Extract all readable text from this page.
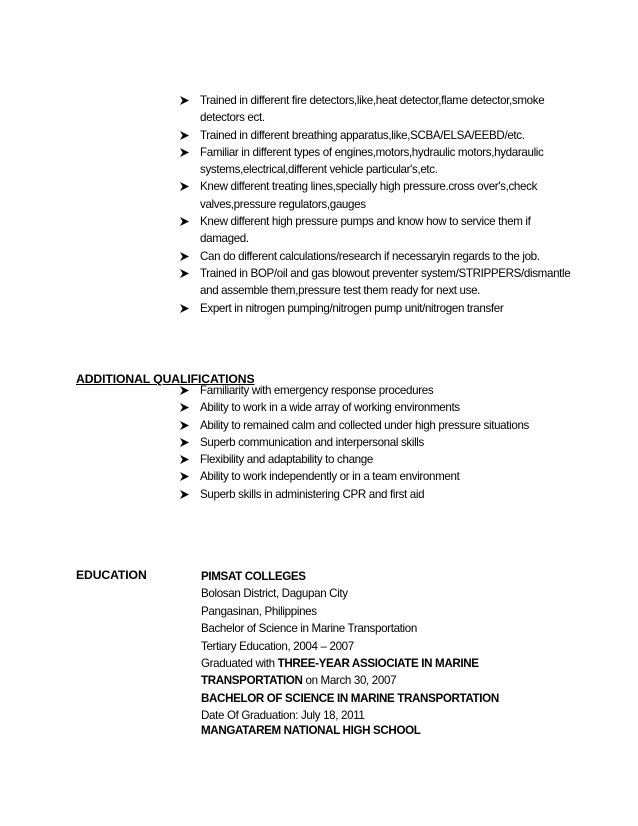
Trained in different fire detectors,like,heat detector,flame detector,smoke detectors ect.
Trained in different breathing apparatus,like,SCBA/ELSA/EEBD/etc.
Familiar in different types of engines,motors,hydraulic motors,hydaraulic systems,electrical,different vehicle particular's,etc.
Knew different treating lines,specially high pressure.cross over's,check valves,pressure regulators,gauges
Knew different high pressure pumps and know how to service them if damaged.
Can do different calculations/research if necessaryin regards to the job.
Trained in BOP/oil and gas blowout preventer system/STRIPPERS/dismantle and assemble them,pressure test them ready for next use.
Expert in nitrogen pumping/nitrogen pump unit/nitrogen transfer
ADDITIONAL QUALIFICATIONS
Familiarity with emergency response procedures
Ability to work in a wide array of working environments
Ability to remained calm and collected under high pressure situations
Superb communication and interpersonal skills
Flexibility and adaptability to change
Ability to work independently or in a team environment
Superb skills in administering CPR and first aid
EDUCATION	PIMSAT COLLEGES
Bolosan District, Dagupan City
Pangasinan, Philippines
Bachelor of Science in Marine Transportation
Tertiary Education, 2004 – 2007
Graduated with THREE-YEAR ASSIOCIATE IN MARINE TRANSPORTATION on March 30, 2007
BACHELOR OF SCIENCE IN MARINE TRANSPORTATION
Date Of Graduation: July 18, 2011
MANGATAREM NATIONAL HIGH SCHOOL
